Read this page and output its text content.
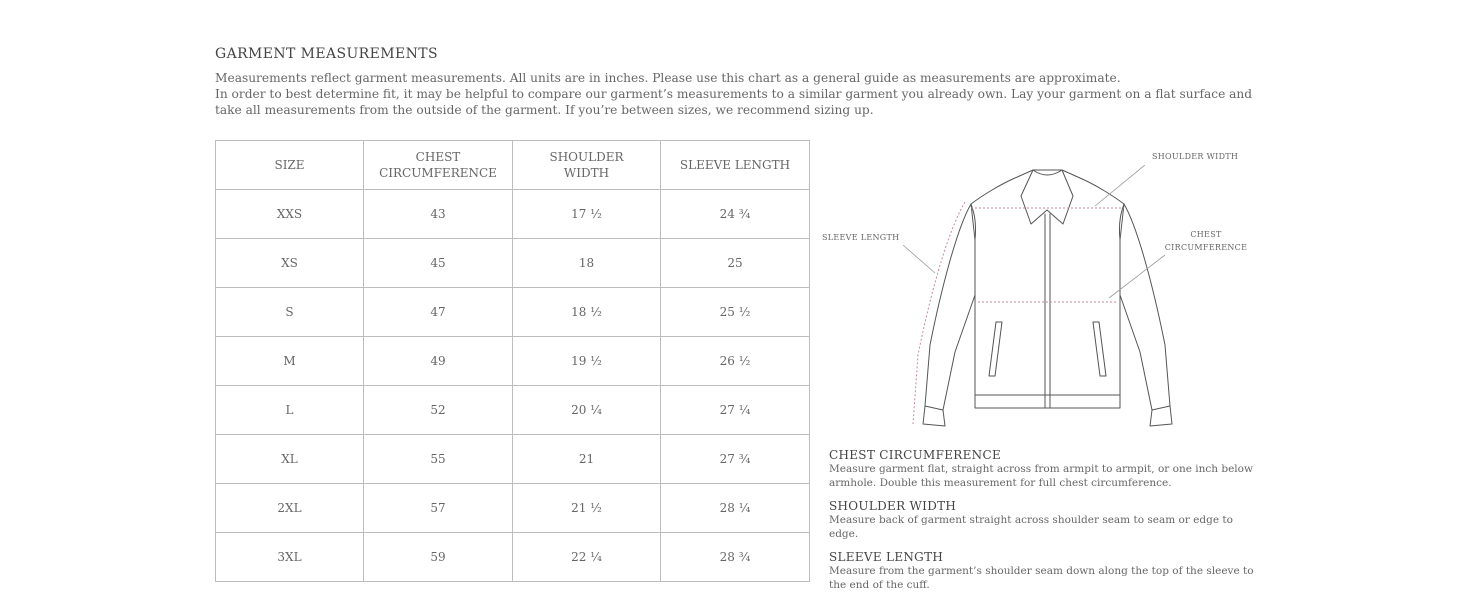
GARMENT MEASUREMENTS

Measurements reflect garment measurements. All units are in inches. Please use this chart as a general guide as measurements are approximate.
In order to best determine fit, it may be helpful to compare our garment’s measurements to a similar garment you already own. Lay your garment on a flat surface and take all measurements from the outside of the garment. If you’re between sizes, we recommend sizing up.

SIZE	CHEST CIRCUMFERENCE	SHOULDER WIDTH	SLEEVE LENGTH
XXS	43	17 ½	24 ¾
XS	45	18	25
S	47	18 ½	25 ½
M	49	19 ½	26 ½
L	52	20 ¼	27 ¼
XL	55	21	27 ¾
2XL	57	21 ½	28 ¼
3XL	59	22 ¼	28 ¾
SHOULDER WIDTH
CHEST
CIRCUMFERENCE
SLEEVE LENGTH
CHEST CIRCUMFERENCE
Measure garment flat, straight across from armpit to armpit, or one inch below armhole. Double this measurement for full chest circumference.
SHOULDER WIDTH
Measure back of garment straight across shoulder seam to seam or edge to edge.
SLEEVE LENGTH
Measure from the garment’s shoulder seam down along the top of the sleeve to the end of the cuff.
